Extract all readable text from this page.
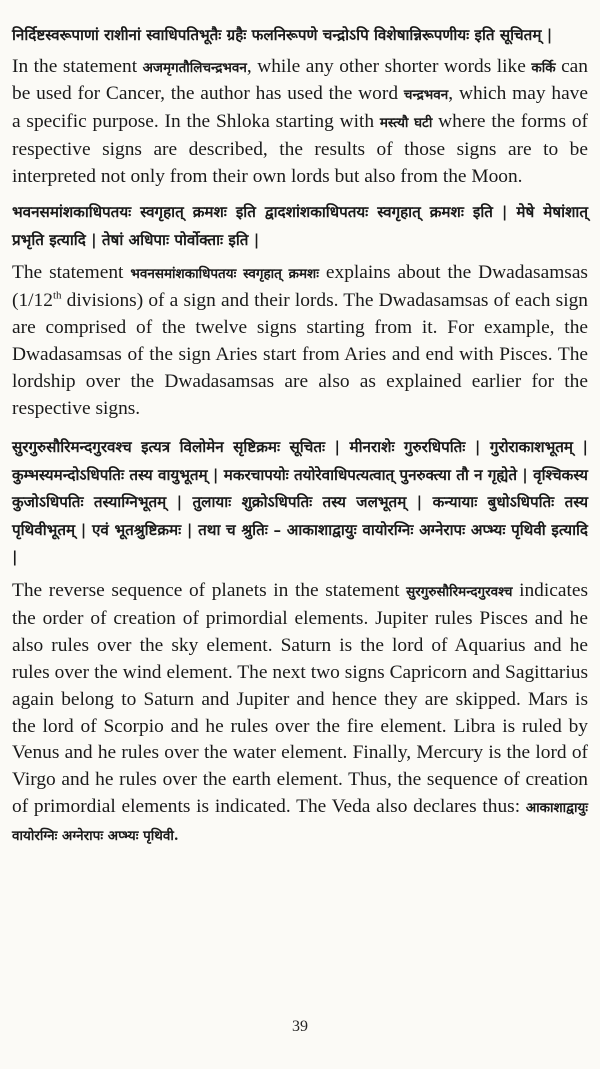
निर्दिष्टस्वरूपाणां राशीनां स्वाधिपतिभूतैः ग्रहैः फलनिरूपणे चन्द्रोऽपि विशेषान्निरूपणीयः इति सूचितम् |

In the statement अजमृगतौलिचन्द्रभवन, while any other shorter words like कर्कि can be used for Cancer, the author has used the word चन्द्रभवन, which may have a specific purpose. In the Shloka starting with मस्त्यौ घटी where the forms of respective signs are described, the results of those signs are to be interpreted not only from their own lords but also from the Moon.

भवनसमांशकाधिपतयः स्वगृहात् क्रमशः इति द्वादशांशकाधिपतयः स्वगृहात् क्रमशः इति | मेषे मेषांशात् प्रभृति इत्यादि | तेषां अधिपाः पोर्वोक्ताः इति |

The statement भवनसमांशकाधिपतयः स्वगृहात् क्रमशः explains about the Dwadasamsas (1/12th divisions) of a sign and their lords. The Dwadasamsas of each sign are comprised of the twelve signs starting from it. For example, the Dwadasamsas of the sign Aries start from Aries and end with Pisces. The lordship over the Dwadasamsas are also as explained earlier for the respective signs.

सुरगुरुसौरिमन्दगुरवश्च इत्यत्र विलोमेन सृष्टिक्रमः सूचितः | मीनराशेः गुरुरधिपतिः | गुरोराकाशभूतम् | कुम्भस्यमन्दोऽधिपतिः तस्य वायुभूतम् | मकरचापयोः तयोरेवाधिपत्यत्वात् पुनरुक्त्या तौ न गृह्येते | वृश्चिकस्य कुजोऽधिपतिः तस्याग्निभूतम् | तुलायाः शुक्रोऽधिपतिः तस्य जलभूतम् | कन्यायाः बुधोऽधिपतिः तस्य पृथिवीभूतम् | एवं भूतश्रुष्टिक्रमः | तथा च श्रुतिः – आकाशाद्वायुः वायोरग्निः अग्नेरापः अप्भ्यः पृथिवी इत्यादि |

The reverse sequence of planets in the statement सुरगुरुसौरिमन्दगुरवश्च indicates the order of creation of primordial elements. Jupiter rules Pisces and he also rules over the sky element. Saturn is the lord of Aquarius and he rules over the wind element. The next two signs Capricorn and Sagittarius again belong to Saturn and Jupiter and hence they are skipped. Mars is the lord of Scorpio and he rules over the fire element. Libra is ruled by Venus and he rules over the water element. Finally, Mercury is the lord of Virgo and he rules over the earth element. Thus, the sequence of creation of primordial elements is indicated. The Veda also declares thus: आकाशाद्वायुः वायोरग्निः अग्नेरापः अप्भ्यः पृथिवी.

39
